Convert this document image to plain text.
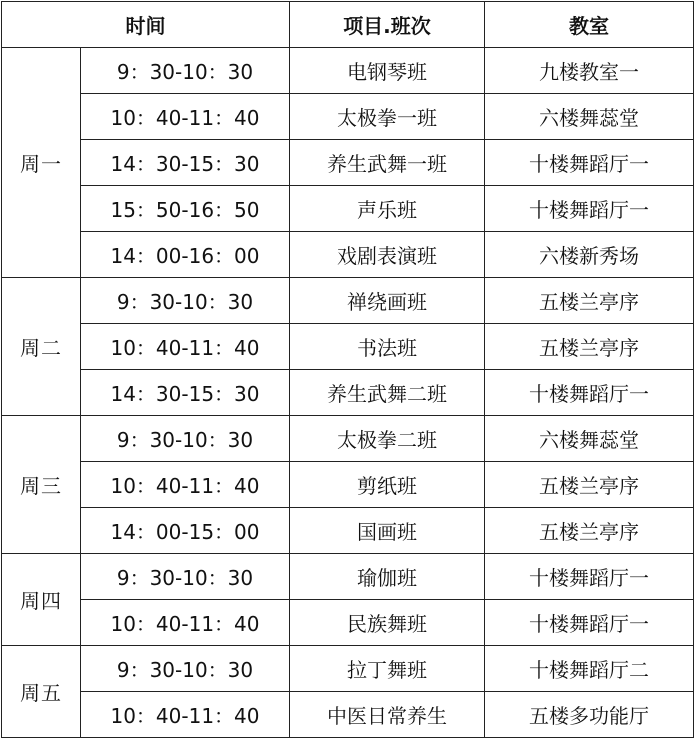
时间		项目.班次	教室
周一	9：30-10：30	电钢琴班	九楼教室一
	10：40-11：40	太极拳一班	六楼舞蕊堂
	14：30-15：30	养生武舞一班	十楼舞蹈厅一
	15：50-16：50	声乐班	十楼舞蹈厅一
	14：00-16：00	戏剧表演班	六楼新秀场
周二	9：30-10：30	禅绕画班	五楼兰亭序
	10：40-11：40	书法班	五楼兰亭序
	14：30-15：30	养生武舞二班	十楼舞蹈厅一
周三	9：30-10：30	太极拳二班	六楼舞蕊堂
	10：40-11：40	剪纸班	五楼兰亭序
	14：00-15：00	国画班	五楼兰亭序
周四	9：30-10：30	瑜伽班	十楼舞蹈厅一
	10：40-11：40	民族舞班	十楼舞蹈厅一
周五	9：30-10：30	拉丁舞班	十楼舞蹈厅二
	10：40-11：40	中医日常养生	五楼多功能厅
